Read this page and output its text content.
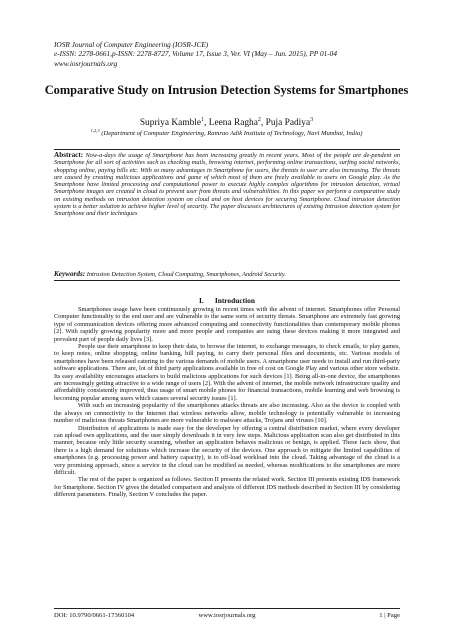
IOSR Journal of Computer Engineering (IOSR-JCE)
e-ISSN: 2278-0661,p-ISSN: 2278-8727, Volume 17, Issue 3, Ver. VI (May – Jun. 2015), PP 01-04
www.iosrjournals.org
Comparative Study on Intrusion Detection Systems for Smartphones
Supriya Kamble$^1$, Leena Ragha$^2$, Puja Padiya$^3$
$^{1,2,3}$ (Department of Computer Engineering, Ramrao Adik Institute of Technology, Navi Mumbai, India)
Abstract: Now-a-days the usage of Smartphone has been increasing greatly in recent years. Most of the people are de-pendent on Smartphone for all sort of activities such as checking mails, browsing internet, performing online transactions, surfing social networks, shopping online, paying bills etc. With so many advantages in Smartphone for users, the threats to user are also increasing. The threats are caused by creating malicious applications and game of which most of them are freely available to users on Google play. As the Smartphone have limited processing and computational power to execute highly complex algorithms for intrusion detection, virtual Smartphone images are created in cloud to prevent user from threats and vulnerabilities. In this paper we perform a comparative study on existing methods on intrusion detection system on cloud and on host devices for securing Smartphone. Cloud intrusion detection system is a better solution to achieve higher level of security. The paper discusses architectures of existing Intrusion detection system for Smartphone and their techniques
Keywords: Intrusion Detection System, Cloud Computing, Smartphones, Android Security.
I.      Introduction

Smartphones usage have been continuously growing in recent times with the advent of internet. Smartphones offer Personal Computer functionality to the end user and are vulnerable to the same sorts of security threats. Smartphone are extremely fast growing type of communication devices offering more advanced computing and connectivity functionalities than contemporary mobile phones [2]. With rapidly growing popularity more and more people and companies are using these devices making it more integrated and prevalent part of people daily lives [3].

People use their smartphone to keep their data, to browse the internet, to exchange messages, to check emails, to play games, to keep notes, online shopping, online banking, bill paying, to carry their personal files and documents, etc. Various models of smartphones have been released catering to the various demands of mobile users. A smartphone user needs to install and run third-party software applications. There are, lot of third party applications available in free of cost on Google Play and various other store website. Its easy availability encourages attackers to build malicious applications for such devices [1]. Being all-in-one device, the smartphones are increasingly getting attractive to a wide range of users [2]. With the advent of internet, the mobile network infrastructure quality and affordability consistently improved, thus usage of smart mobile phones for financial transactions, mobile learning and web browsing is becoming popular among users which causes several security issues [1].

With such an increasing popularity of the smartphones attacks threats are also increasing. Also as the device is coupled with the always on connectivity to the Internet that wireless networks allow, mobile technology is potentially vulnerable to increasing number of malicious threats Smartphones are more vulnerable to malware attacks, Trojans and viruses [10].

Distribution of applications is made easy for the developer by offering a central distribution market, where every developer can upload own applications, and the user simply downloads it in very few steps. Malicious application scan also get distributed in this manner, because only little security scanning, whether an application behaves malicious or benign, is applied. These facts show, that there is a high demand for solutions which increase the security of the devices. One approach to mitigate the limited capabilities of smartphones (e.g. processing power and battery capacity), is to off-load workload into the cloud. Taking advantage of the cloud is a very promising approach, since a service in the cloud can be modified as needed, whereas modifications to the smartphones are more difficult.

The rest of the paper is organized as follows. Section II presents the related work. Section III presents existing IDS framework for Smartphone. Section IV gives the detailed comparison and analysis of different IDS methods described in Section III by considering different parameters. Finally, Section V concludes the paper.

DOI: 10.9790/0661-17360104	www.iosrjournals.org	1 | Page
